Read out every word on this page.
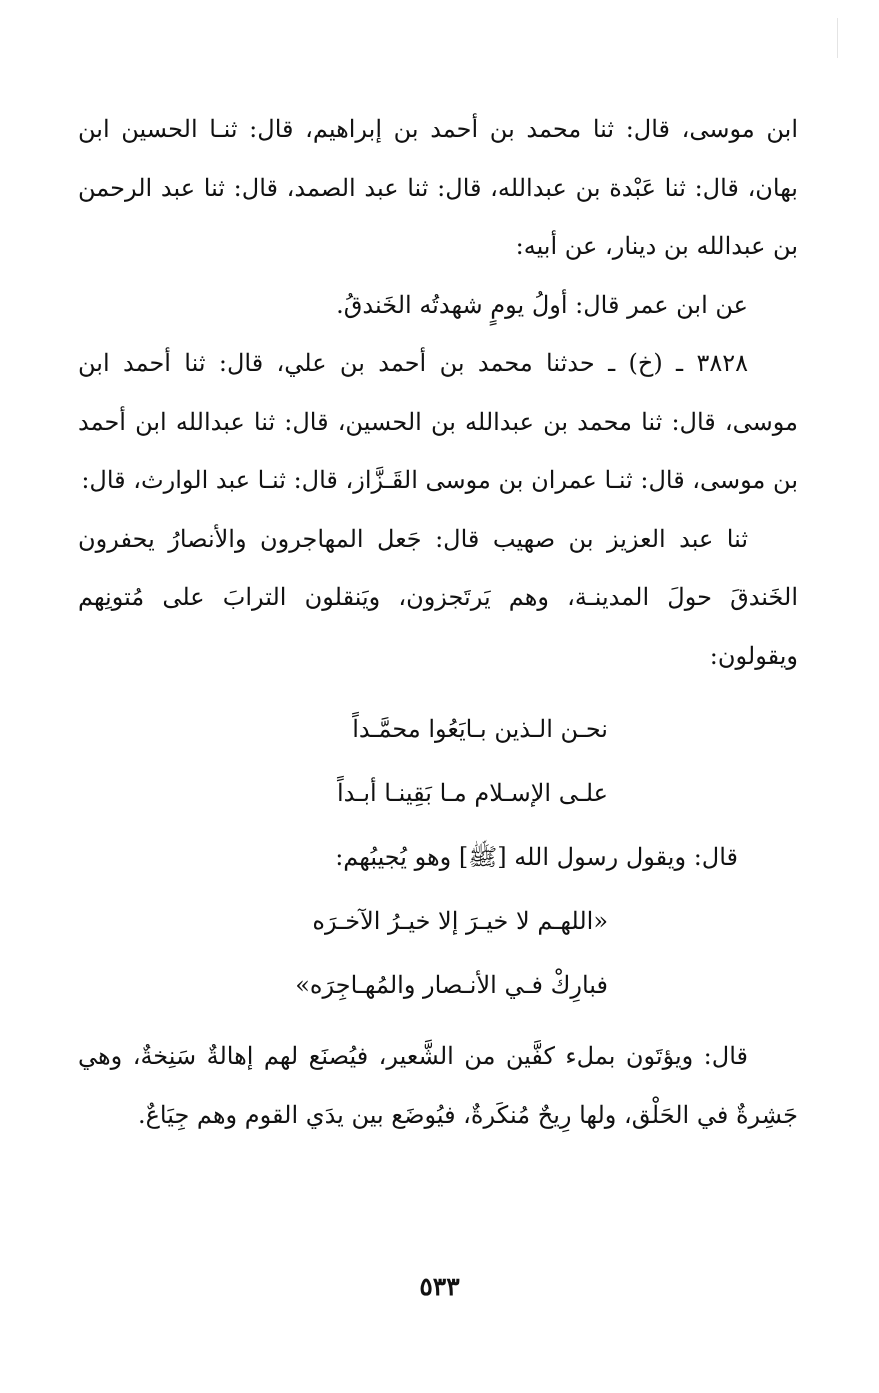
ابن موسى، قال: ثنا محمد بن أحمد بن إبراهيم، قال: ثنـا الحسين ابن بهان، قال: ثنا عَبْدة بن عبدالله، قال: ثنا عبد الصمد، قال: ثنا عبد الرحمن بن عبدالله بن دينار، عن أبيه:

عن ابن عمر قال: أولُ يومٍ شهدتُه الخَندقُ.

٣٨٢٨ ـ (خ) ـ حدثنا محمد بن أحمد بن علي، قال: ثنا أحمد ابن موسى، قال: ثنا محمد بن عبدالله بن الحسين، قال: ثنا عبدالله ابن أحمد بن موسى، قال: ثنـا عمران بن موسى القَـزَّاز، قال: ثنـا عبد الوارث، قال:

ثنا عبد العزيز بن صهيب قال: جَعل المهاجرون والأنصارُ يحفرون الخَندقَ حولَ المدينـة، وهم يَرتَجزون، ويَنقلون الترابَ على مُتونِهم ويقولون:

نحـن الـذين بـايَعُوا محمَّـداً

علـى الإسـلام مـا بَقِينـا أبـداً

قال: ويقول رسول الله [ﷺ] وهو يُجيبُهم:

«اللهـم لا خيـرَ إلا خيـرُ الآخـرَه

فبارِكْ فـي الأنـصار والمُهـاجِرَه»

قال: ويؤتَون بملء كفَّين من الشَّعير، فيُصنَع لهم إهالةٌ سَنِخةٌ، وهي جَشِرةٌ في الحَلْق، ولها رِيحٌ مُنكَرةٌ، فيُوضَع بين يدَي القوم وهم جِيَاعٌ.

٥٣٣
